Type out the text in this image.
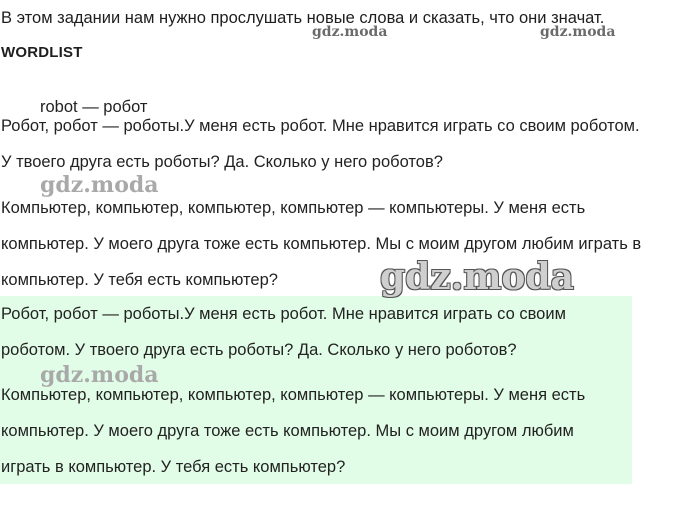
В этом задании нам нужно прослушать новые слова и сказать, что они значат.
WORDLIST
robot — робот
Робот, робот — роботы.У меня есть робот. Мне нравится играть со своим роботом. У твоего друга есть роботы? Да. Сколько у него роботов?
Компьютер, компьютер, компьютер, компьютер — компьютеры. У меня есть компьютер. У моего друга тоже есть компьютер. Мы с моим другом любим играть в компьютер. У тебя есть компьютер?
Робот, робот — роботы.У меня есть робот. Мне нравится играть со своим роботом. У твоего друга есть роботы? Да. Сколько у него роботов?
Компьютер, компьютер, компьютер, компьютер — компьютеры. У меня есть компьютер. У моего друга тоже есть компьютер. Мы с моим другом любим играть в компьютер. У тебя есть компьютер?
gdz.moda	gdz.moda
gdz.moda
gdz.moda
gdz.moda
